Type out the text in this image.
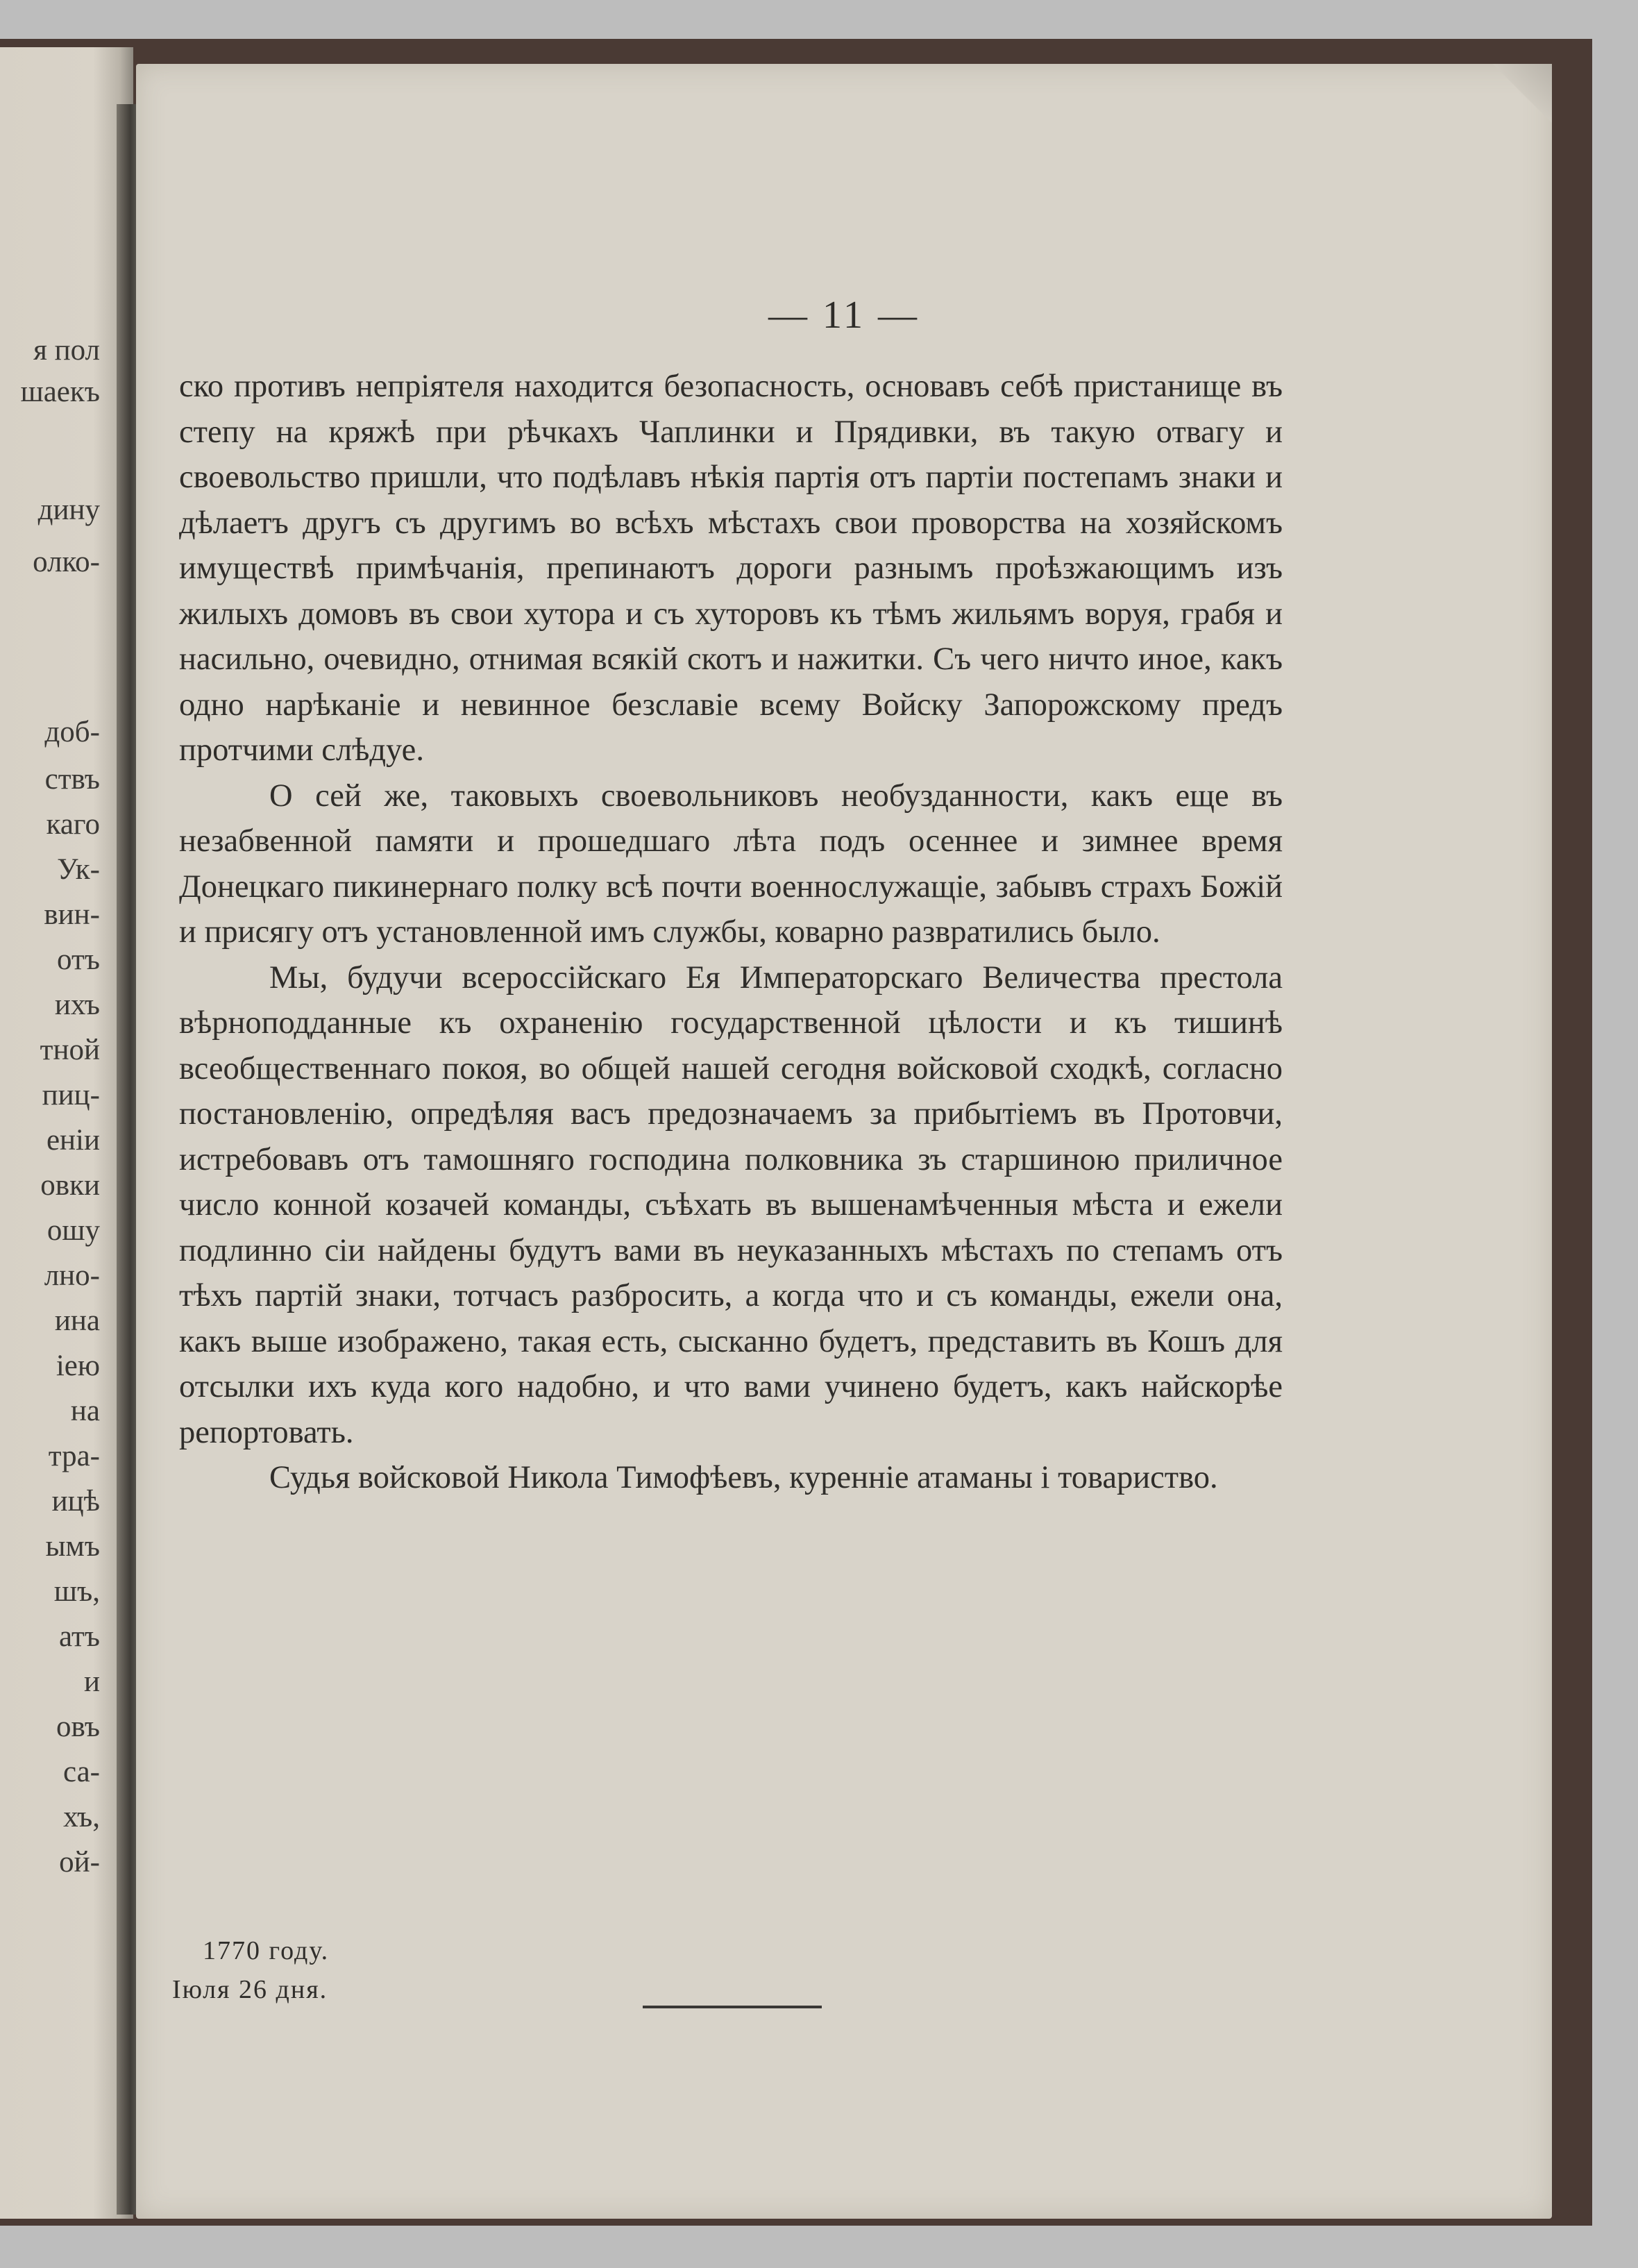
я пол
шаекъ
дину
олко-
доб-
ствъ
каго
Ук-
вин-
отъ
ихъ
тной
пиц-
еніи
овки
ошу
лно-
ина
іею
на
тра-
ицѣ
ымъ
шъ,
атъ
и
овъ
са-
хъ,
ой-
— 11 —

ско противъ непріятеля находится безопасность, основавъ себѣ пристанище въ степу на кряжѣ при рѣчкахъ Чаплинки и Прядивки, въ такую отвагу и своевольство пришли, что подѣлавъ нѣкія партія отъ партіи постепамъ знаки и дѣлаетъ другъ съ другимъ во всѣхъ мѣстахъ свои проворства на хозяйскомъ имуществѣ примѣчанія, препинаютъ дороги разнымъ проѣзжающимъ изъ жилыхъ домовъ въ свои хутора и съ хуторовъ къ тѣмъ жильямъ воруя, грабя и насильно, очевидно, отнимая всякій скотъ и нажитки. Съ чего ничто иное, какъ одно нарѣканіе и невинное безславіе всему Войску Запорожскому предъ протчими слѣдуе.

О сей же, таковыхъ своевольниковъ необузданности, какъ еще въ незабвенной памяти и прошедшаго лѣта подъ осеннее и зимнее время Донецкаго пикинернаго полку всѣ почти военнослужащіе, забывъ страхъ Божій и присягу отъ установленной имъ службы, коварно развратились было.

Мы, будучи всероссійскаго Ея Императорскаго Величества престола вѣрноподданные къ охраненію государственной цѣлости и къ тишинѣ всеобщественнаго покоя, во общей нашей сегодня войсковой сходкѣ, согласно постановленію, опредѣляя васъ предозначаемъ за прибытіемъ въ Протовчи, истребовавъ отъ тамошняго господина полковника зъ старшиною приличное число конной козачей команды, съѣхать въ вышенамѣченныя мѣста и ежели подлинно сіи найдены будутъ вами въ неуказанныхъ мѣстахъ по степамъ отъ тѣхъ партій знаки, тотчасъ разбросить, а когда что и съ команды, ежели она, какъ выше изображено, такая есть, сысканно будетъ, представить въ Кошъ для отсылки ихъ куда кого надобно, и что вами учинено будетъ, какъ найскорѣе репортовать.

Судья войсковой Никола Тимофѣевъ, куренніе атаманы і товариство.

1770 году.
Іюля 26 дня.
